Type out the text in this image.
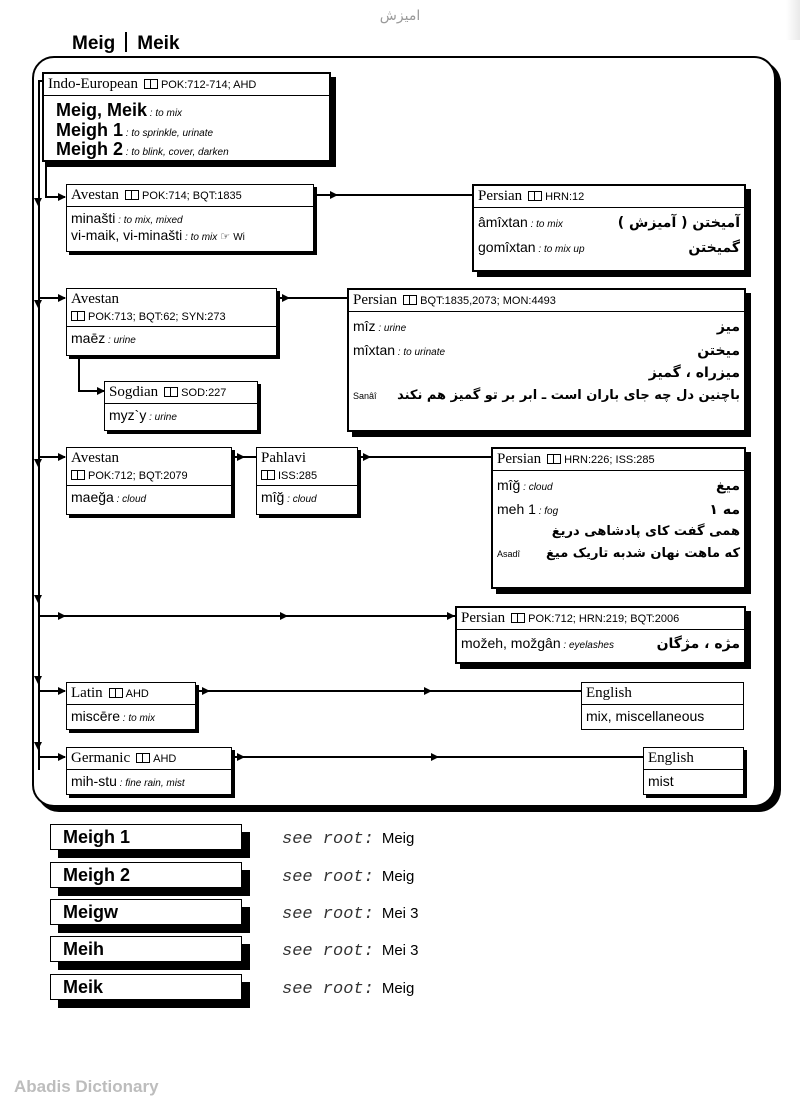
امیزش
Meig Meik
Indo-European POK:712-714; AHD
Meig, Meik : to mix
Meigh 1 : to sprinkle, urinate
Meigh 2 : to blink, cover, darken
Avestan POK:714; BQT:1835
minašti : to mix, mixed
vi-maik, vi-minašti : to mix ☞ Wi
Persian HRN:12
âmîxtan : to mix	آمیختن ( آمیزش )
gomîxtan : to mix up	گمیختن
Avestan
POK:713; BQT:62; SYN:273
maēz : urine
Sogdian SOD:227
myz`y : urine
Persian BQT:1835,2073; MON:4493
mîz : urine	میز
mîxtan : to urinate	میختن
میزراه ، گمیز
Sanâî باچنین دل چه جای باران است ـ ابر بر تو گمیز هم نکند
Avestan
POK:712; BQT:2079
maeğa : cloud
Pahlavi
ISS:285
mîğ : cloud
Persian HRN:226; ISS:285
mîğ : cloud	میغ
meh 1 : fog	مه ۱
همی گفت کای پادشاهی دریغ
Asadî که ماهت نهان شدبه تاریک میغ
Persian POK:712; HRN:219; BQT:2006
možeh, možgân : eyelashes	مژه ، مژگان
Latin AHD
miscēre : to mix
English
mix, miscellaneous
Germanic AHD
mih-stu : fine rain, mist
English
mist
Meigh 1	see root: Meig
Meigh 2	see root: Meig
Meigw	see root: Mei 3
Meih	see root: Mei 3
Meik	see root: Meig
Abadis Dictionary
